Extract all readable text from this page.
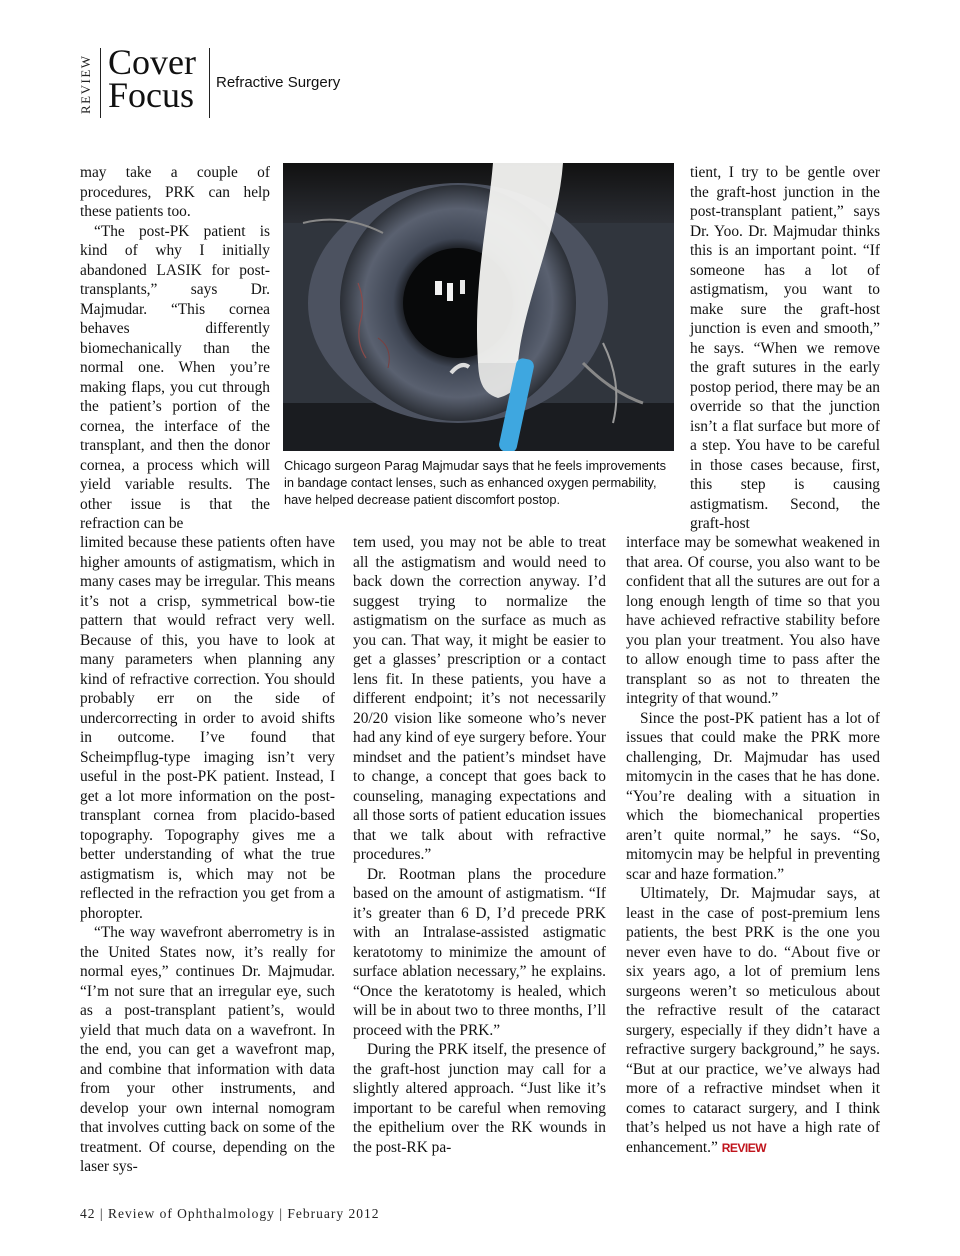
REVIEW Cover
Focus Refractive Surgery

may take a couple of procedures, PRK can help these patients too.

“The post-PK patient is kind of why I initially abandoned LASIK for post-transplants,” says Dr. Majmudar. “This cornea behaves differently biomechanically than the normal one. When you’re making flaps, you cut through the patient’s portion of the cornea, the interface of the transplant, and then the donor cornea, a process which will yield variable results. The other issue is that the refraction can be

limited because these patients often have higher amounts of astigmatism, which in many cases may be irregular. This means it’s not a crisp, symmetrical bow-tie pattern that would refract very well. Because of this, you have to look at many parameters when planning any kind of refractive correction. You should probably err on the side of undercorrecting in order to avoid shifts in outcome. I’ve found that Scheimpflug-type imaging isn’t very useful in the post-PK patient. Instead, I get a lot more information on the post-transplant cornea from placido-based topography. Topography gives me a better understanding of what the true astigmatism is, which may not be reflected in the refraction you get from a phoropter.

“The way wavefront aberrometry is in the United States now, it’s really for normal eyes,” continues Dr. Majmudar. “I’m not sure that an irregular eye, such as a post-transplant patient’s, would yield that much data on a wavefront. In the end, you can get a wavefront map, and combine that information with data from your other instruments, and develop your own internal nomogram that involves cutting back on some of the treatment. Of course, depending on the laser sys-

Chicago surgeon Parag Majmudar says that he feels improvements in bandage contact lenses, such as enhanced oxygen permability, have helped decrease patient discomfort postop.

tem used, you may not be able to treat all the astigmatism and would need to back down the correction anyway. I’d suggest trying to normalize the astigmatism on the surface as much as you can. That way, it might be easier to get a glasses’ prescription or a contact lens fit. In these patients, you have a different endpoint; it’s not necessarily 20/20 vision like someone who’s never had any kind of eye surgery before. Your mindset and the patient’s mindset have to change, a concept that goes back to counseling, managing expectations and all those sorts of patient education issues that we talk about with refractive procedures.”

Dr. Rootman plans the procedure based on the amount of astigmatism. “If it’s greater than 6 D, I’d precede PRK with an Intralase-assisted astigmatic keratotomy to minimize the amount of surface ablation necessary,” he explains. “Once the keratotomy is healed, which will be in about two to three months, I’ll proceed with the PRK.”

During the PRK itself, the presence of the graft-host junction may call for a slightly altered approach. “Just like it’s important to be careful when removing the epithelium over the RK wounds in the post-RK pa-

tient, I try to be gentle over the graft-host junction in the post-transplant patient,” says Dr. Yoo. Dr. Majmudar thinks this is an important point. “If someone has a lot of astigmatism, you want to make sure the graft-host junction is even and smooth,” he says. “When we remove the graft sutures in the early postop period, there may be an override so that the junction isn’t a flat surface but more of a step. You have to be careful in those cases because, first, this step is causing astigmatism. Second, the graft-host

interface may be somewhat weakened in that area. Of course, you also want to be confident that all the sutures are out for a long enough length of time so that you have achieved refractive stability before you plan your treatment. You also have to allow enough time to pass after the transplant so as not to threaten the integrity of that wound.”

Since the post-PK patient has a lot of issues that could make the PRK more challenging, Dr. Majmudar has used mitomycin in the cases that he has done. “You’re dealing with a situation in which the biomechanical properties aren’t quite normal,” he says. “So, mitomycin may be helpful in preventing scar and haze formation.”

Ultimately, Dr. Majmudar says, at least in the case of post-premium lens patients, the best PRK is the one you never even have to do. “About five or six years ago, a lot of premium lens surgeons weren’t so meticulous about the refractive result of the cataract surgery, especially if they didn’t have a refractive surgery background,” he says. “But at our practice, we’ve always had more of a refractive mindset when it comes to cataract surgery, and I think that’s helped us not have a high rate of enhancement.” REVIEW

42 | Review of Ophthalmology | February 2012
